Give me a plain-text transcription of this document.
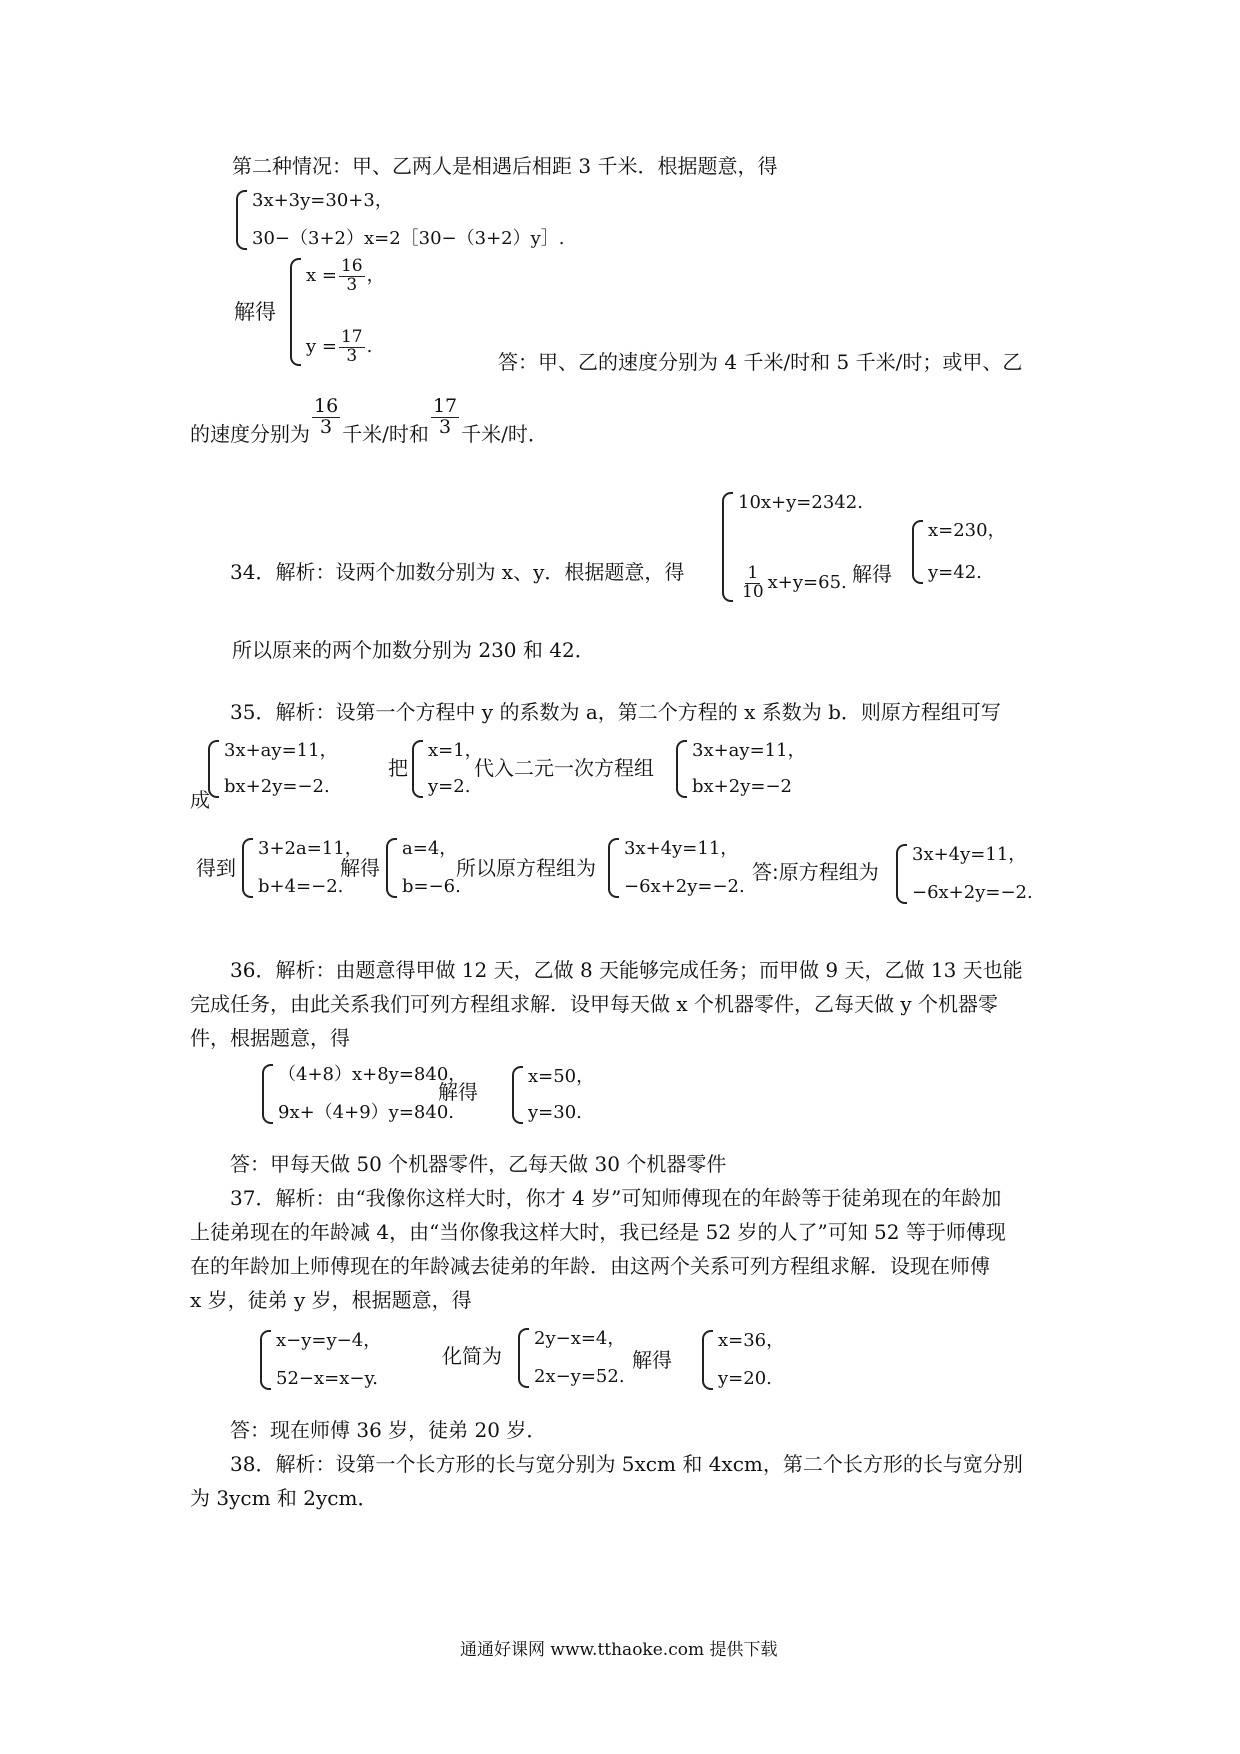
第二种情况：甲、乙两人是相遇后相距 3 千米．根据题意，得
3x+3y=30+3，
30−（3+2）x=2［30−（3+2）y］.
解得
$x = \frac{16}{3}$ ，
$y = \frac{17}{3}$ .
答：甲、乙的速度分别为 4 千米/时和 5 千米/时；或甲、乙
的速度分别为 $\frac{16}{3}$ 千米/时和 $\frac{17}{3}$ 千米/时．
34．解析：设两个加数分别为 x、y．根据题意，得
10x+y=2342.
$\frac{1}{10} x+y=65$. 解得
x=230，
y=42.
所以原来的两个加数分别为 230 和 42．
35．解析：设第一个方程中 y 的系数为 a，第二个方程的 x 系数为 b．则原方程组可写
成
3x+ay=11，
bx+2y=−2.
把
x=1，
y=2.
代入二元一次方程组
3x+ay=11，
bx+2y=−2
得到
3+2a=11，
b+4=−2.
解得
a=4，
b=−6.
所以原方程组为
3x+4y=11，
−6x+2y=−2.
答:原方程组为
3x+4y=11，
−6x+2y=−2.
36．解析：由题意得甲做 12 天，乙做 8 天能够完成任务；而甲做 9 天，乙做 13 天也能
完成任务，由此关系我们可列方程组求解．设甲每天做 x 个机器零件，乙每天做 y 个机器零
件，根据题意，得
（4+8）x+8y=840，
9x+（4+9）y=840.
解得
x=50，
y=30.
答：甲每天做 50 个机器零件，乙每天做 30 个机器零件
37．解析：由“我像你这样大时，你才 4 岁”可知师傅现在的年龄等于徒弟现在的年龄加
上徒弟现在的年龄减 4，由“当你像我这样大时，我已经是 52 岁的人了”可知 52 等于师傅现
在的年龄加上师傅现在的年龄减去徒弟的年龄．由这两个关系可列方程组求解．设现在师傅
x 岁，徒弟 y 岁，根据题意，得
x−y=y−4，
52−x=x−y.
化简为
2y−x=4，
2x−y=52.
解得
x=36，
y=20.
答：现在师傅 36 岁，徒弟 20 岁．
38．解析：设第一个长方形的长与宽分别为 5xcm 和 4xcm，第二个长方形的长与宽分别
为 3ycm 和 2ycm．
通通好课网 www.tthaoke.com 提供下载
